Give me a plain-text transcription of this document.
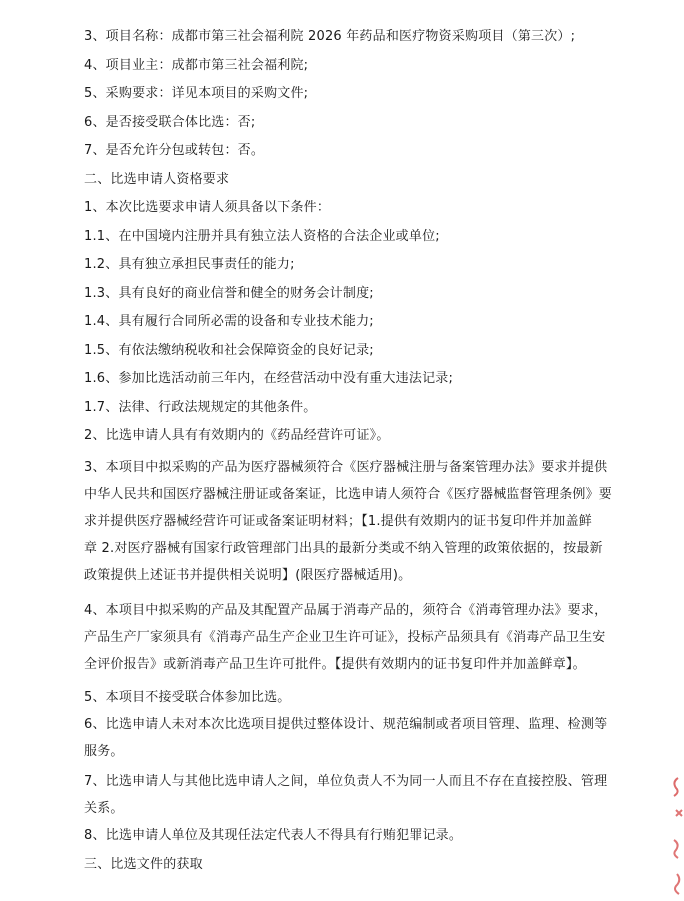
3、项目名称：成都市第三社会福利院 2026 年药品和医疗物资采购项目（第三次）;
4、项目业主：成都市第三社会福利院;
5、采购要求：详见本项目的采购文件;
6、是否接受联合体比选：否;
7、是否允许分包或转包：否。
二、比选申请人资格要求
1、本次比选要求申请人须具备以下条件：
1.1、在中国境内注册并具有独立法人资格的合法企业或单位;
1.2、具有独立承担民事责任的能力;
1.3、具有良好的商业信誉和健全的财务会计制度;
1.4、具有履行合同所必需的设备和专业技术能力;
1.5、有依法缴纳税收和社会保障资金的良好记录;
1.6、参加比选活动前三年内，在经营活动中没有重大违法记录;
1.7、法律、行政法规规定的其他条件。
2、比选申请人具有有效期内的《药品经营许可证》。
3、本项目中拟采购的产品为医疗器械须符合《医疗器械注册与备案管理办法》要求并提供
中华人民共和国医疗器械注册证或备案证，比选申请人须符合《医疗器械监督管理条例》要
求并提供医疗器械经营许可证或备案证明材料；【1.提供有效期内的证书复印件并加盖鲜
章 2.对医疗器械有国家行政管理部门出具的最新分类或不纳入管理的政策依据的，按最新
政策提供上述证书并提供相关说明】(限医疗器械适用)。
4、本项目中拟采购的产品及其配置产品属于消毒产品的，须符合《消毒管理办法》要求，
产品生产厂家须具有《消毒产品生产企业卫生许可证》，投标产品须具有《消毒产品卫生安
全评价报告》或新消毒产品卫生许可批件。【提供有效期内的证书复印件并加盖鲜章】。
5、本项目不接受联合体参加比选。
6、比选申请人未对本次比选项目提供过整体设计、规范编制或者项目管理、监理、检测等
服务。
7、比选申请人与其他比选申请人之间，单位负责人不为同一人而且不存在直接控股、管理
关系。
8、比选申请人单位及其现任法定代表人不得具有行贿犯罪记录。
三、比选文件的获取
